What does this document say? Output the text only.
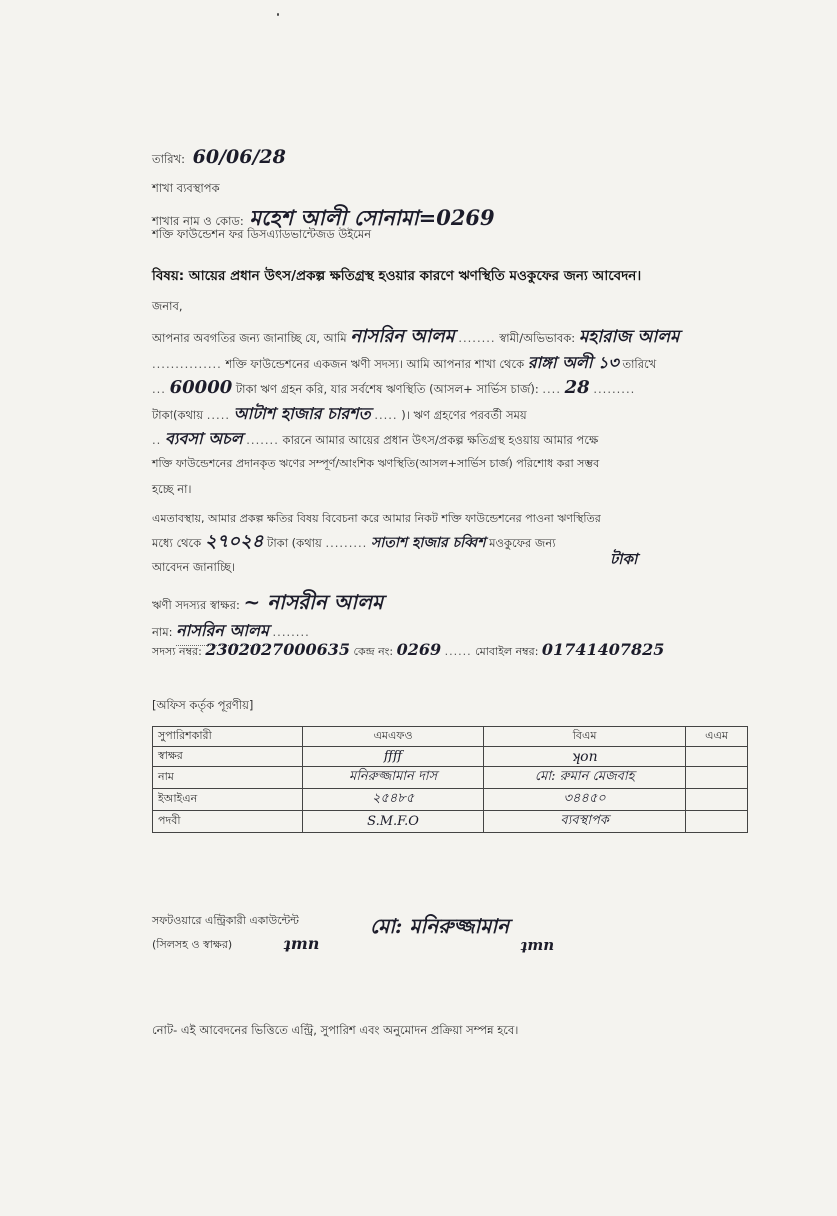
তারিখ: 60/06/28
শাখা ব্যবস্থাপক
শাখার নাম ও কোড: মহেশ আলী সোনামা=0269
শক্তি ফাউন্ডেশন ফর ডিসএ্যাডভান্টেজড উইমেন
বিষয়: আয়ের প্রধান উৎস/প্রকল্প ক্ষতিগ্রস্থ হওয়ার কারণে ঋণস্থিতি মওকুফের জন্য আবেদন।
জনাব,
আপনার অবগতির জন্য জানাচ্ছি যে, আমি নাসরিন আলম ........ স্বামী/অভিভাবক: মহারাজ আলম
............... শক্তি ফাউন্ডেশনের একজন ঋণী সদস্য। আমি আপনার শাখা থেকে রাঙ্গা অলী ১৩ তারিখে
... 60000 টাকা ঋণ গ্রহন করি, যার সর্বশেষ ঋণস্থিতি (আসল+ সার্ভিস চার্জ): .... 28 .........
টাকা(কথায় ..... আটাশ হাজার চারশত ..... )। ঋণ গ্রহণের পরবর্তী সময়
.. ব্যবসা অচল ....... কারনে আমার আয়ের প্রধান উৎস/প্রকল্প ক্ষতিগ্রস্থ হওয়ায় আমার পক্ষে
শক্তি ফাউন্ডেশনের প্রদানকৃত ঋণের সম্পূর্ণ/আংশিক ঋণস্থিতি(আসল+সার্ভিস চার্জ) পরিশোধ করা সম্ভব
হচ্ছে না।
এমতাবস্থায়, আমার প্রকল্প ক্ষতির বিষয় বিবেচনা করে আমার নিকট শক্তি ফাউন্ডেশনের পাওনা ঋণস্থিতির
মধ্যে থেকে ২৭০২৪ টাকা (কথায় ......... সাতাশ হাজার চব্বিশ মওকুফের জন্য
আবেদন জানাচ্ছি।	টাকা
ঋণী সদস্যর স্বাক্ষর: ~ নাসরীন আলম
নাম: নাসরিন আলম ........
সদস্য নম্বর: 2302027000635 কেন্দ্র নং: 0269 ...... মোবাইল নম্বর: 01741407825
[অফিস কর্তৃক পূরণীয়]
সুপারিশকারী	এমএফও	বিএম	এএম
স্বাক্ষর	ffff	ʞon	
নাম	মনিরুজ্জামান দাস	মো: রুমান মেজবাহ	
ইআইএন	২৫৪৮৫	৩৪৪৫০	
পদবী	S.M.F.O	ব্যবস্থাপক	
সফটওয়ারে এন্ট্রিকারী একাউন্টেন্ট
(সিলসহ ও স্বাক্ষর)
মো: মনিরুজ্জামান
ʇmn	ʇmn
নোট- এই আবেদনের ভিত্তিতে এন্ট্রি, সুপারিশ এবং অনুমোদন প্রক্রিয়া সম্পন্ন হবে।
